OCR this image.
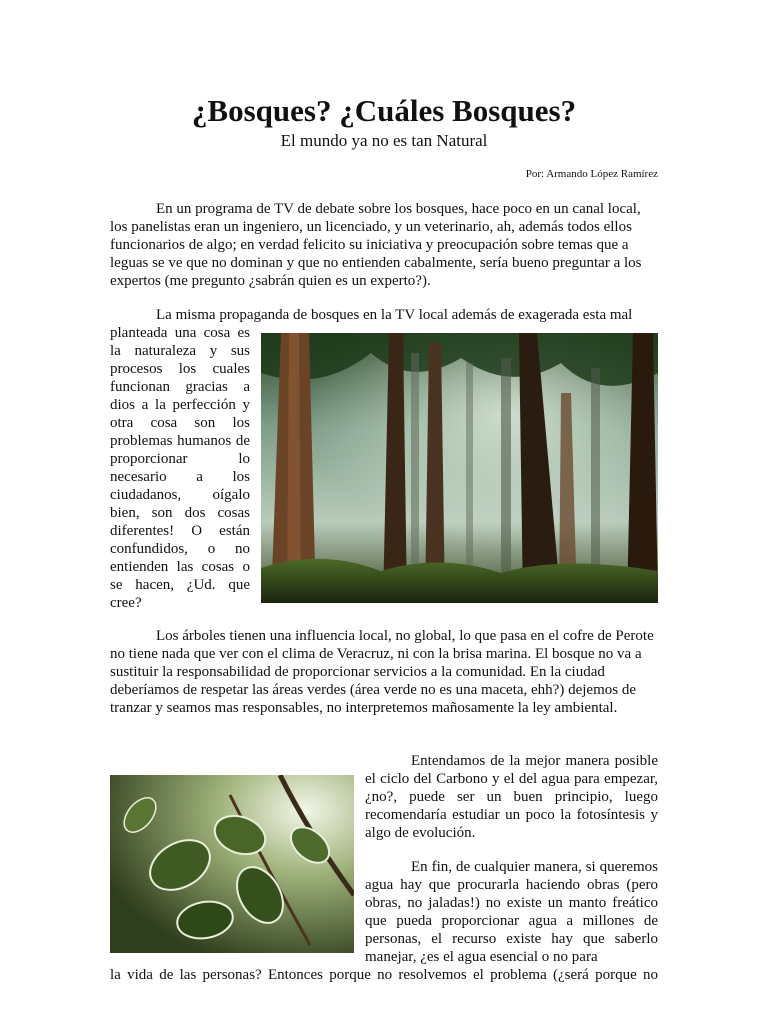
¿Bosques? ¿Cuáles Bosques?
El mundo ya no es tan Natural
Por: Armando López Ramírez

En un programa de TV de debate sobre los bosques, hace poco en un canal local, los panelistas eran un ingeniero, un licenciado, y un veterinario, ah, además todos ellos funcionarios de algo; en verdad felicito su iniciativa y preocupación sobre temas que a leguas se ve que no dominan y que no entienden cabalmente, sería bueno preguntar a los expertos (me pregunto ¿sabrán quien es un experto?).

La misma propaganda de bosques en la TV local además de exagerada esta mal

planteada una cosa es la naturaleza y sus procesos los cuales funcionan gracias a dios a la perfección y otra cosa son los problemas humanos de proporcionar lo necesario a los ciudadanos, oígalo bien, son dos cosas diferentes! O están confundidos, o no entienden las cosas o se hacen, ¿Ud. que cree?

Los árboles tienen una influencia local, no global, lo que pasa en el cofre de Perote no tiene nada que ver con el clima de Veracruz, ni con la brisa marina. El bosque no va a sustituir la responsabilidad de proporcionar servicios a la comunidad. En la ciudad deberíamos de respetar las áreas verdes (área verde no es una maceta, ehh?) dejemos de tranzar y seamos mas responsables, no interpretemos mañosamente la ley ambiental.

Entendamos de la mejor manera posible el ciclo del Carbono y el del agua para empezar, ¿no?, puede ser un buen principio, luego recomendaría estudiar un poco la fotosíntesis y algo de evolución.

En fin, de cualquier manera, si queremos agua hay que procurarla haciendo obras (pero obras, no jaladas!) no existe un manto freático que pueda proporcionar agua a millones de personas, el recurso existe hay que saberlo manejar, ¿es el agua esencial o no para

la vida de las personas? Entonces porque no resolvemos el problema (¿será porque no
